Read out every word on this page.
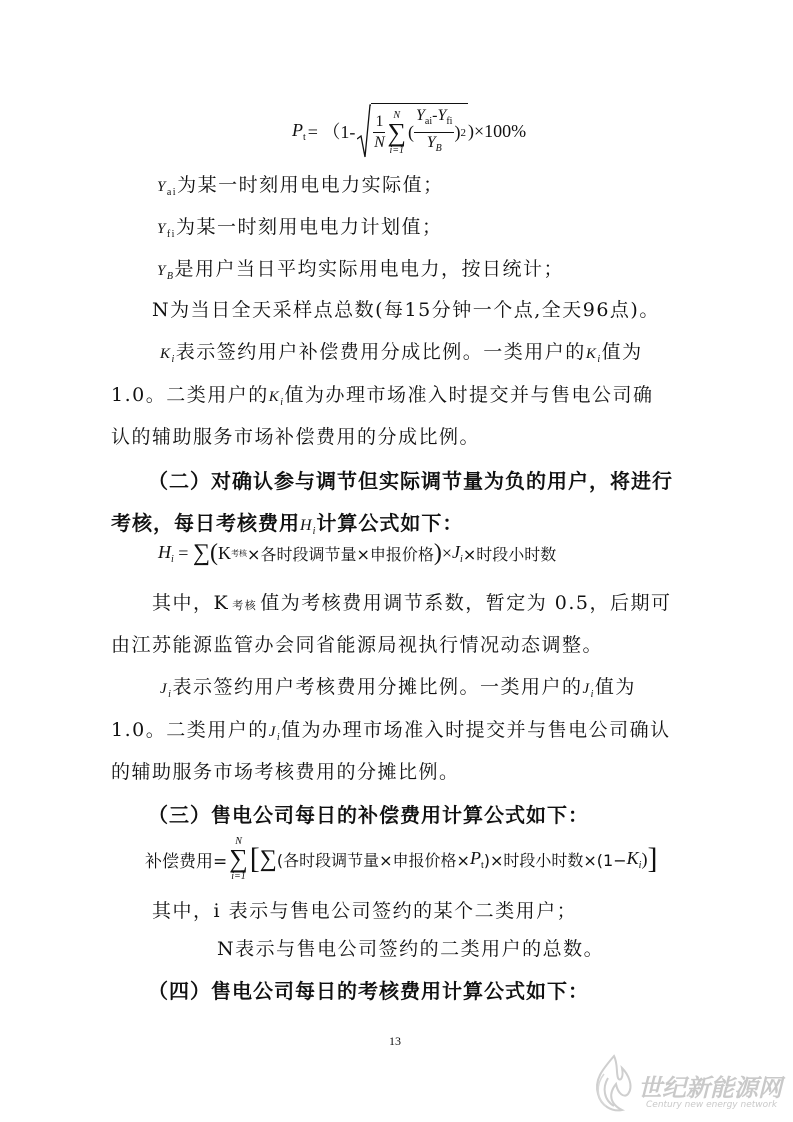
$P_t = (1- \frac{1}{N}$ N
∑
i=1
( $\frac{Y_{ai}-Y_{fi}}{Y_B}$ ) 2 )×100%
$Y_{ai}$为某一时刻用电电力实际值；
$Y_{fi}$为某一时刻用电电力计划值；
$Y_B$是用户当日平均实际用电电力，按日统计；
N为当日全天采样点总数(每15分钟一个点,全天96点)。
$K_i$表示签约用户补偿费用分成比例。一类用户的$K_i$值为
1.0。二类用户的$K_i$值为办理市场准入时提交并与售电公司确
认的辅助服务市场补偿费用的分成比例。
（二）对确认参与调节但实际调节量为负的用户，将进行
考核，每日考核费用$H_i$计算公式如下：
$H_i$ = ∑ ( K 考核 ×各时段调节量×申报价格 ) × $J_i$ ×时段小时数
其中，K 考核 值为考核费用调节系数，暂定为 0.5，后期可
由江苏能源监管办会同省能源局视执行情况动态调整。
$J_i$表示签约用户考核费用分摊比例。一类用户的$J_i$值为
1.0。二类用户的$J_i$值为办理市场准入时提交并与售电公司确认
的辅助服务市场考核费用的分摊比例。
（三）售电公司每日的补偿费用计算公式如下：
补偿费用=
N
∑
i=1
[ ∑ (各时段调节量×申报价格× $P_t$ )×时段小时数$\times(1- K_i$ ) ]
其中，i 表示与售电公司签约的某个二类用户；
N表示与售电公司签约的二类用户的总数。
（四）售电公司每日的考核费用计算公式如下：
13
世纪新能源网
Century new energy network
